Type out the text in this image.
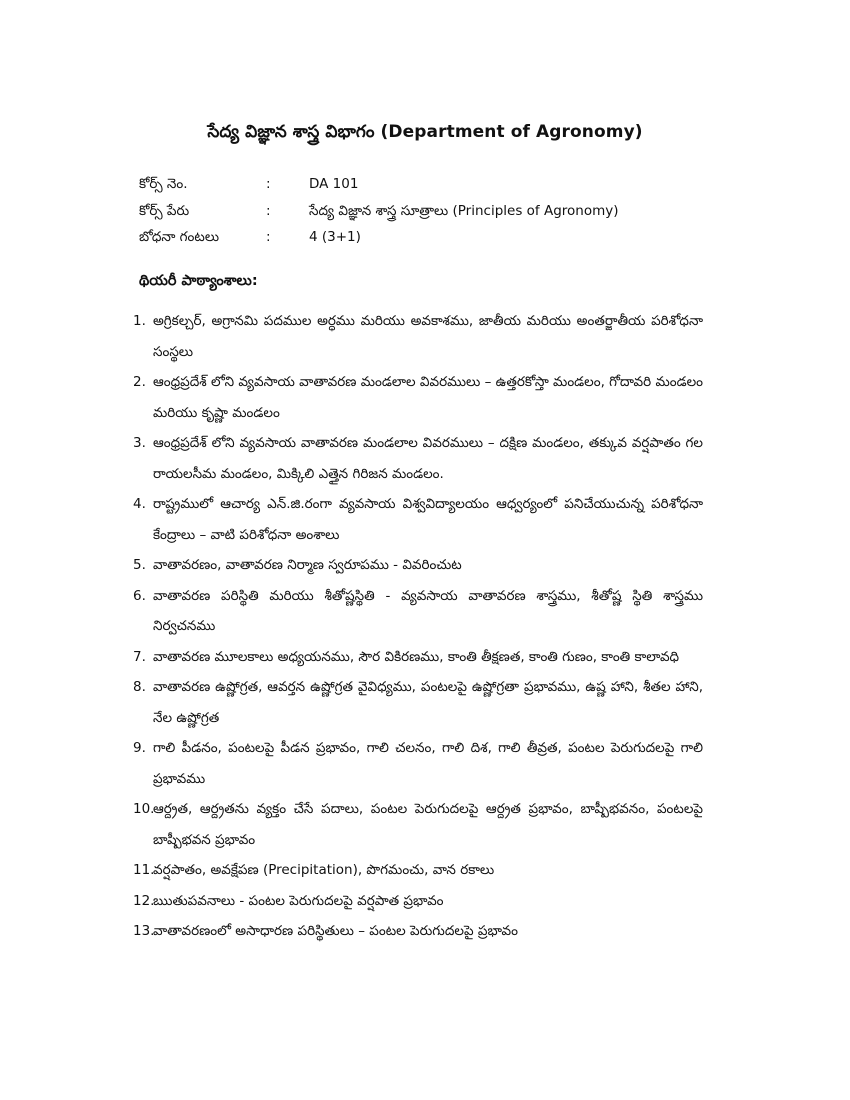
సేద్య విజ్ఞాన శాస్త్ర విభాగం (Department of Agronomy)
కోర్స్ నెం.	:	DA 101
కోర్స్ పేరు	:	సేద్య విజ్ఞాన శాస్త్ర సూత్రాలు (Principles of Agronomy)
బోధనా గంటలు	:	4 (3+1)
థియరీ పాఠ్యాంశాలు:
1. అగ్రికల్చర్, అగ్రానమి పదముల అర్ధము మరియు అవకాశము, జాతీయ మరియు అంతర్జాతీయ పరిశోధనా సంస్థలు
2. ఆంధ్రప్రదేశ్ లోని వ్యవసాయ వాతావరణ మండలాల వివరములు – ఉత్తరకోస్తా మండలం, గోదావరి మండలం మరియు కృష్ణా మండలం
3. ఆంధ్రప్రదేశ్ లోని వ్యవసాయ వాతావరణ మండలాల వివరములు – దక్షిణ మండలం, తక్కువ వర్షపాతం గల రాయలసీమ మండలం, మిక్కిలి ఎత్తైన గిరిజన మండలం.
4. రాష్ట్రములో ఆచార్య ఎన్.జి.రంగా వ్యవసాయ విశ్వవిద్యాలయం ఆధ్వర్యంలో పనిచేయుచున్న పరిశోధనా కేంద్రాలు – వాటి పరిశోధనా అంశాలు
5. వాతావరణం, వాతావరణ నిర్మాణ స్వరూపము - వివరించుట
6. వాతావరణ పరిస్థితి మరియు శీతోష్ణస్థితి - వ్యవసాయ వాతావరణ శాస్త్రము, శీతోష్ణ స్థితి శాస్త్రము నిర్వచనము
7. వాతావరణ మూలకాలు అధ్యయనము, సౌర వికిరణము, కాంతి తీక్షణత, కాంతి గుణం, కాంతి కాలావధి
8. వాతావరణ ఉష్ణోగ్రత, ఆవర్తన ఉష్ణోగ్రత వైవిధ్యము, పంటలపై ఉష్ణోగ్రతా ప్రభావము, ఉష్ణ హాని, శీతల హాని, నేల ఉష్ణోగ్రత
9. గాలి పీడనం, పంటలపై పీడన ప్రభావం, గాలి చలనం, గాలి దిశ, గాలి తీవ్రత, పంటల పెరుగుదలపై గాలి ప్రభావము
10.
ఆర్ద్రత, ఆర్ద్రతను వ్యక్తం చేసే పదాలు, పంటల పెరుగుదలపై ఆర్ద్రత ప్రభావం, బాష్పీభవనం, పంటలపై బాష్పీభవన ప్రభావం
11.
వర్షపాతం, అవక్షేపణ (Precipitation), పొగమంచు, వాన రకాలు
12.
ఋతుపవనాలు - పంటల పెరుగుదలపై వర్షపాత ప్రభావం
13.
వాతావరణంలో అసాధారణ పరిస్థితులు – పంటల పెరుగుదలపై ప్రభావం
